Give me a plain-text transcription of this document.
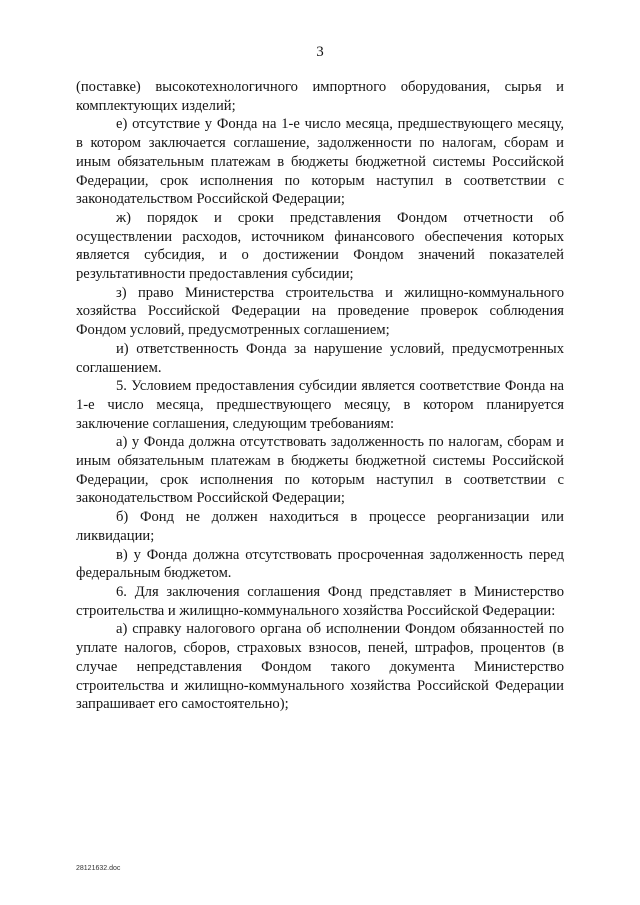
3

(поставке) высокотехнологичного импортного оборудования, сырья и комплектующих изделий;

е) отсутствие у Фонда на 1-е число месяца, предшествующего месяцу, в котором заключается соглашение, задолженности по налогам, сборам и иным обязательным платежам в бюджеты бюджетной системы Российской Федерации, срок исполнения по которым наступил в соответствии с законодательством Российской Федерации;

ж) порядок и сроки представления Фондом отчетности об осуществлении расходов, источником финансового обеспечения которых является субсидия, и о достижении Фондом значений показателей результативности предоставления субсидии;

з) право Министерства строительства и жилищно-коммунального хозяйства Российской Федерации на проведение проверок соблюдения Фондом условий, предусмотренных соглашением;

и) ответственность Фонда за нарушение условий, предусмотренных соглашением.

5. Условием предоставления субсидии является соответствие Фонда на 1-е число месяца, предшествующего месяцу, в котором планируется заключение соглашения, следующим требованиям:

а) у Фонда должна отсутствовать задолженность по налогам, сборам и иным обязательным платежам в бюджеты бюджетной системы Российской Федерации, срок исполнения по которым наступил в соответствии с законодательством Российской Федерации;

б) Фонд не должен находиться в процессе реорганизации или ликвидации;

в) у Фонда должна отсутствовать просроченная задолженность перед федеральным бюджетом.

6. Для заключения соглашения Фонд представляет в Министерство строительства и жилищно-коммунального хозяйства Российской Федерации:

а) справку налогового органа об исполнении Фондом обязанностей по уплате налогов, сборов, страховых взносов, пеней, штрафов, процентов (в случае непредставления Фондом такого документа Министерство строительства и жилищно-коммунального хозяйства Российской Федерации запрашивает его самостоятельно);

28121632.doc
